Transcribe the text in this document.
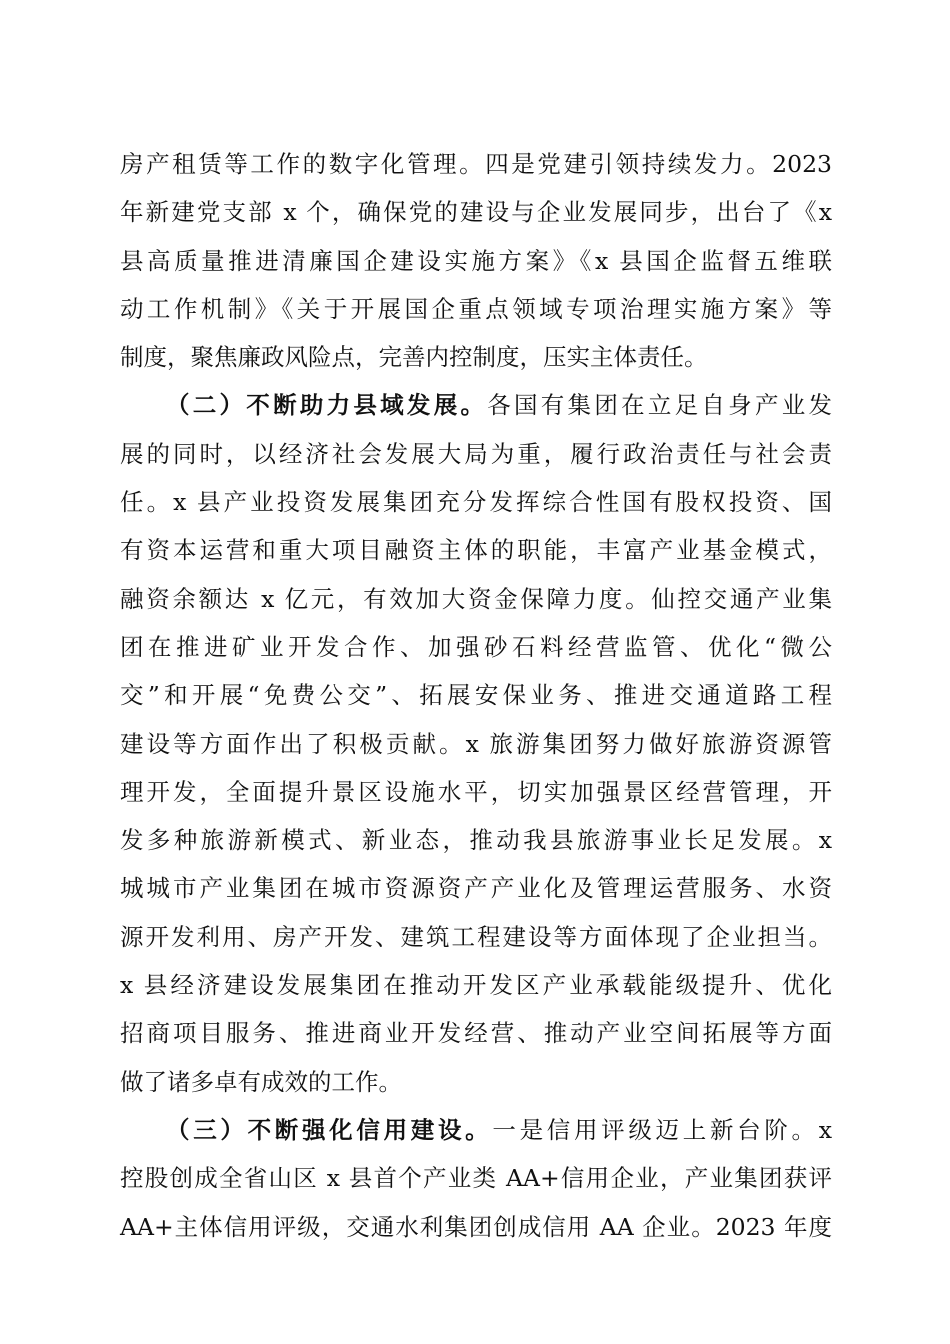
房产租赁等工作的数字化管理。四是党建引领持续发力。2023
年新建党支部 x 个，确保党的建设与企业发展同步，出台了《x
县高质量推进清廉国企建设实施方案》《x 县国企监督五维联
动工作机制》《关于开展国企重点领域专项治理实施方案》等
制度，聚焦廉政风险点，完善内控制度，压实主体责任。
（二）不断助力县域发展。各国有集团在立足自身产业发
展的同时，以经济社会发展大局为重，履行政治责任与社会责
任。x 县产业投资发展集团充分发挥综合性国有股权投资、国
有资本运营和重大项目融资主体的职能，丰富产业基金模式，
融资余额达 x 亿元，有效加大资金保障力度。仙控交通产业集
团在推进矿业开发合作、加强砂石料经营监管、优化“微公
交”和开展“免费公交”、拓展安保业务、推进交通道路工程
建设等方面作出了积极贡献。x 旅游集团努力做好旅游资源管
理开发，全面提升景区设施水平，切实加强景区经营管理，开
发多种旅游新模式、新业态，推动我县旅游事业长足发展。x
城城市产业集团在城市资源资产产业化及管理运营服务、水资
源开发利用、房产开发、建筑工程建设等方面体现了企业担当。
x 县经济建设发展集团在推动开发区产业承载能级提升、优化
招商项目服务、推进商业开发经营、推动产业空间拓展等方面
做了诸多卓有成效的工作。
（三）不断强化信用建设。一是信用评级迈上新台阶。x
控股创成全省山区 x 县首个产业类 AA+信用企业，产业集团获评
AA+主体信用评级，交通水利集团创成信用 AA 企业。2023 年度
